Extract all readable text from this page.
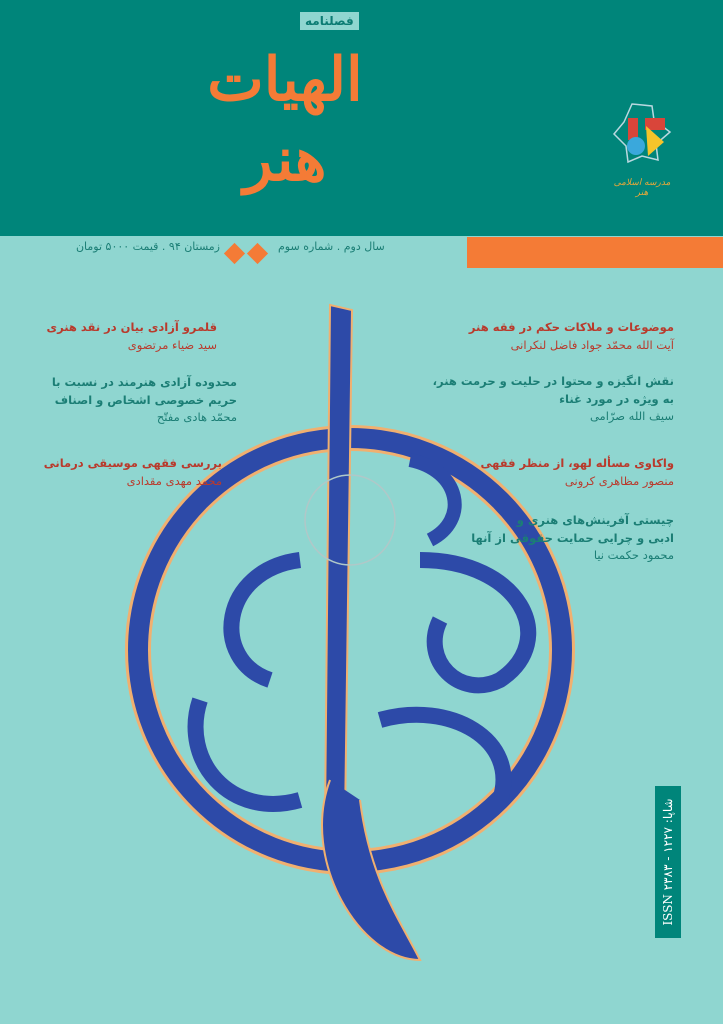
الهیات هنر
فصلنامه
مدرسه اسلامی هنر
زمستان ۹۴ . قیمت ۵۰۰۰ تومان	سال دوم . شماره سوم
موضوعات و ملاکات حکم در فقه هنر
آیت الله محمّد جواد فاضل لنکرانی
نقش انگیزه و محتوا در حلیت و حرمت هنر،
به ویژه در مورد غناء
سیف الله صرّامی
واکاوی مسأله لهو، از منظر فقهی
منصور مظاهری کرونی
چیستی آفرینش‌های هنری و
ادبی و چرایی حمایت حقوقی از آنها
محمود حکمت نیا
قلمرو آزادی بیان در نقد هنری
سید ضیاء مرتضوی
محدوده آزادی هنرمند در نسبت با
حریم خصوصی اشخاص و اصناف
محمّد هادی مفتّح
بررسی فقهی موسیقی درمانی
محمد مهدی مقدادی
ISSN ۲۳۸۳ - ۱۲۲۷ :شاپا
